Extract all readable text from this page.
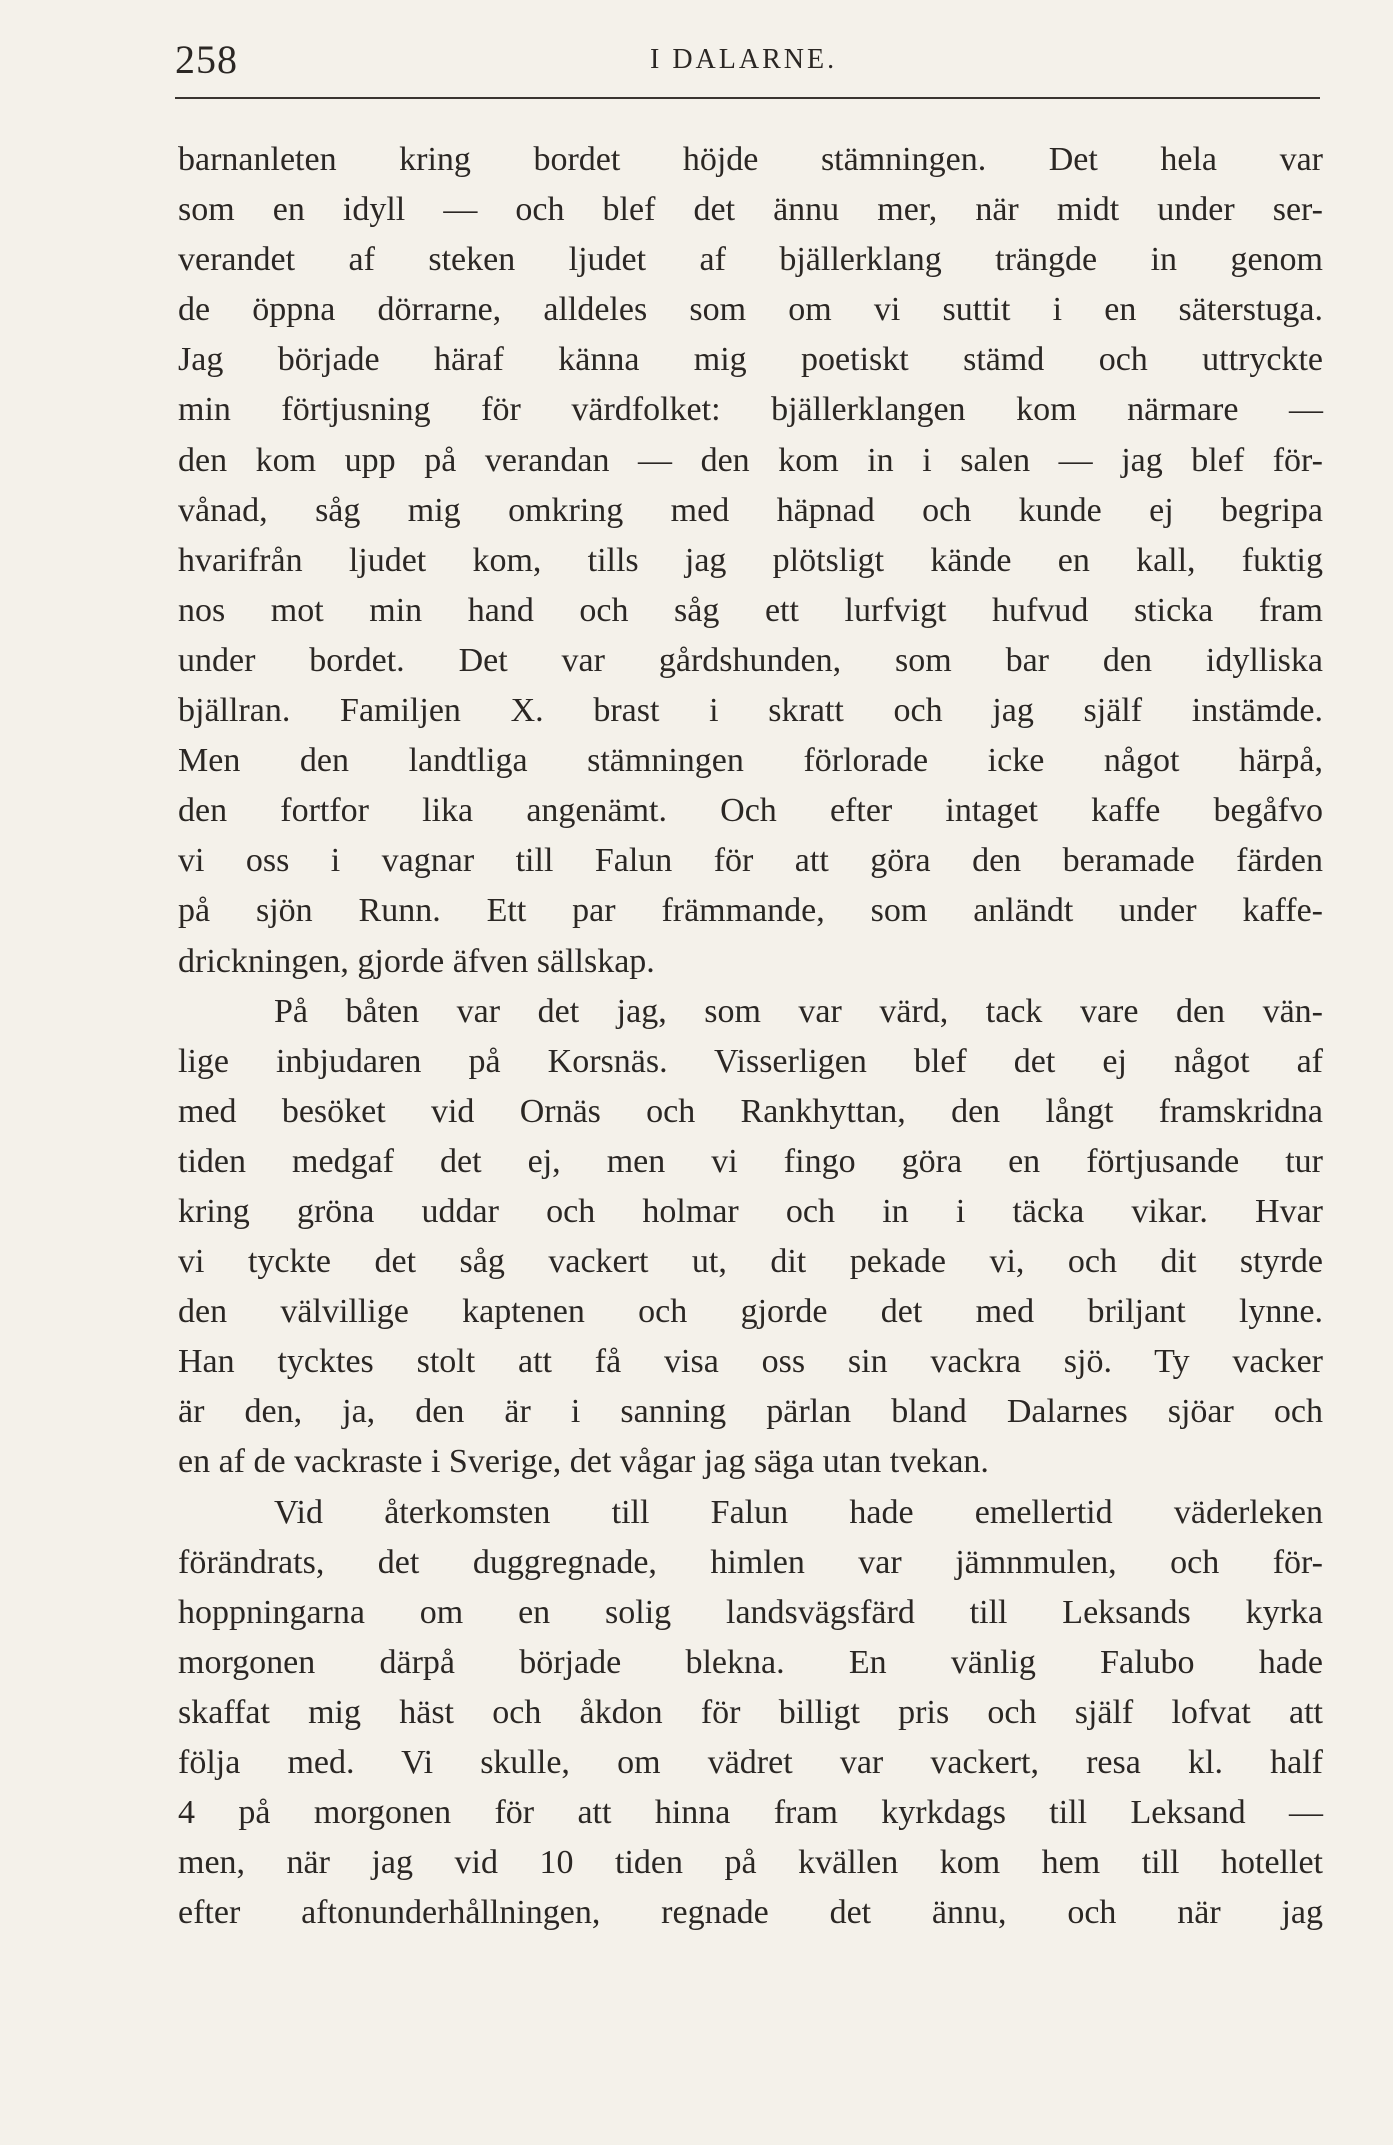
258	I DALARNE.
barnanleten kring bordet höjde stämningen. Det hela var
som en idyll — och blef det ännu mer, när midt under ser-
verandet af steken ljudet af bjällerklang trängde in genom
de öppna dörrarne, alldeles som om vi suttit i en säterstuga.
Jag började häraf känna mig poetiskt stämd och uttryckte
min förtjusning för värdfolket: bjällerklangen kom närmare —
den kom upp på verandan — den kom in i salen — jag blef för-
vånad, såg mig omkring med häpnad och kunde ej begripa
hvarifrån ljudet kom, tills jag plötsligt kände en kall, fuktig
nos mot min hand och såg ett lurfvigt hufvud sticka fram
under bordet. Det var gårdshunden, som bar den idylliska
bjällran. Familjen X. brast i skratt och jag själf instämde.
Men den landtliga stämningen förlorade icke något härpå,
den fortfor lika angenämt. Och efter intaget kaffe begåfvo
vi oss i vagnar till Falun för att göra den beramade färden
på sjön Runn. Ett par främmande, som anländt under kaffe-
drickningen, gjorde äfven sällskap.
På båten var det jag, som var värd, tack vare den vän-
lige inbjudaren på Korsnäs. Visserligen blef det ej något af
med besöket vid Ornäs och Rankhyttan, den långt framskridna
tiden medgaf det ej, men vi fingo göra en förtjusande tur
kring gröna uddar och holmar och in i täcka vikar. Hvar
vi tyckte det såg vackert ut, dit pekade vi, och dit styrde
den välvillige kaptenen och gjorde det med briljant lynne.
Han tycktes stolt att få visa oss sin vackra sjö. Ty vacker
är den, ja, den är i sanning pärlan bland Dalarnes sjöar och
en af de vackraste i Sverige, det vågar jag säga utan tvekan.
Vid återkomsten till Falun hade emellertid väderleken
förändrats, det duggregnade, himlen var jämnmulen, och för-
hoppningarna om en solig landsvägsfärd till Leksands kyrka
morgonen därpå började blekna. En vänlig Falubo hade
skaffat mig häst och åkdon för billigt pris och själf lofvat att
följa med. Vi skulle, om vädret var vackert, resa kl. half
4 på morgonen för att hinna fram kyrkdags till Leksand —
men, när jag vid 10 tiden på kvällen kom hem till hotellet
efter aftonunderhållningen, regnade det ännu, och när jag
